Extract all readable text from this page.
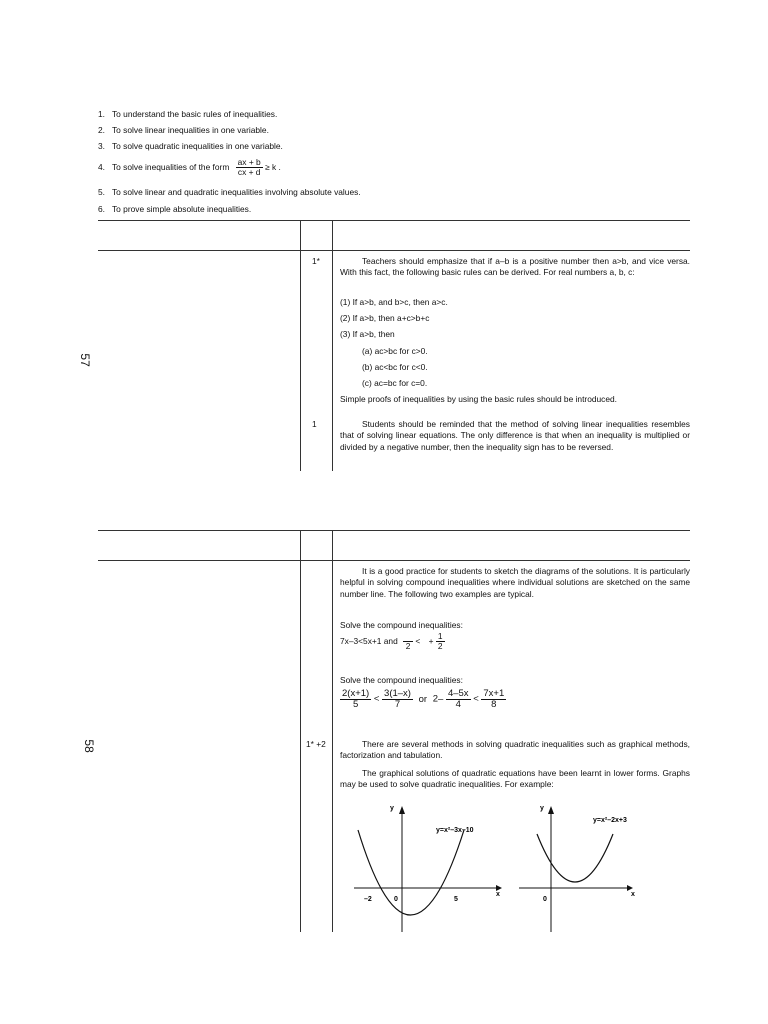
1. To understand the basic rules of inequalities.
2. To solve linear inequalities in one variable.
3. To solve quadratic inequalities in one variable.
4. To solve inequalities of the form $\frac{ax + b}{cx + d} \ge k$ .
5. To solve linear and quadratic inequalities involving absolute values.
6. To prove simple absolute inequalities.
57
1*	Teachers should emphasize that if a–b is a positive number then a>b, and vice versa. With this fact, the following basic rules can be derived. For real numbers a, b, c:
(1) If a>b, and b>c, then a>c.
(2) If a>b, then a+c>b+c
(3) If a>b, then
(a) ac>bc for c>0.
(b) ac<bc for c<0.
(c) ac=bc for c=0.
Simple proofs of inequalities by using the basic rules should be introduced.
1	Students should be reminded that the method of solving linear inequalities resembles that of solving linear equations. The only difference is that when an inequality is multiplied or divided by a negative number, then the inequality sign has to be reversed.
58
It is a good practice for students to sketch the diagrams of the solutions. It is particularly helpful in solving compound inequalities where individual solutions are sketched on the same number line. The following two examples are typical.
Solve the compound inequalities:
7x–3<5x+1 and
2
< + $\frac{1}{2}$
Solve the compound inequalities:
$\frac{2(x+1)}{5} < \frac{3(1-x)}{7}$ or $2- \frac{4-5x}{4} < \frac{7x+1}{8}$
1* +2	There are several methods in solving quadratic inequalities such as graphical methods, factorization and tabulation.
The graphical solutions of quadratic equations have been learnt in lower forms. Graphs may be used to solve quadratic inequalities. For example:
y
x
y=x²–3x–10
–2	0	5
y
x
y=x²–2x+3
0
